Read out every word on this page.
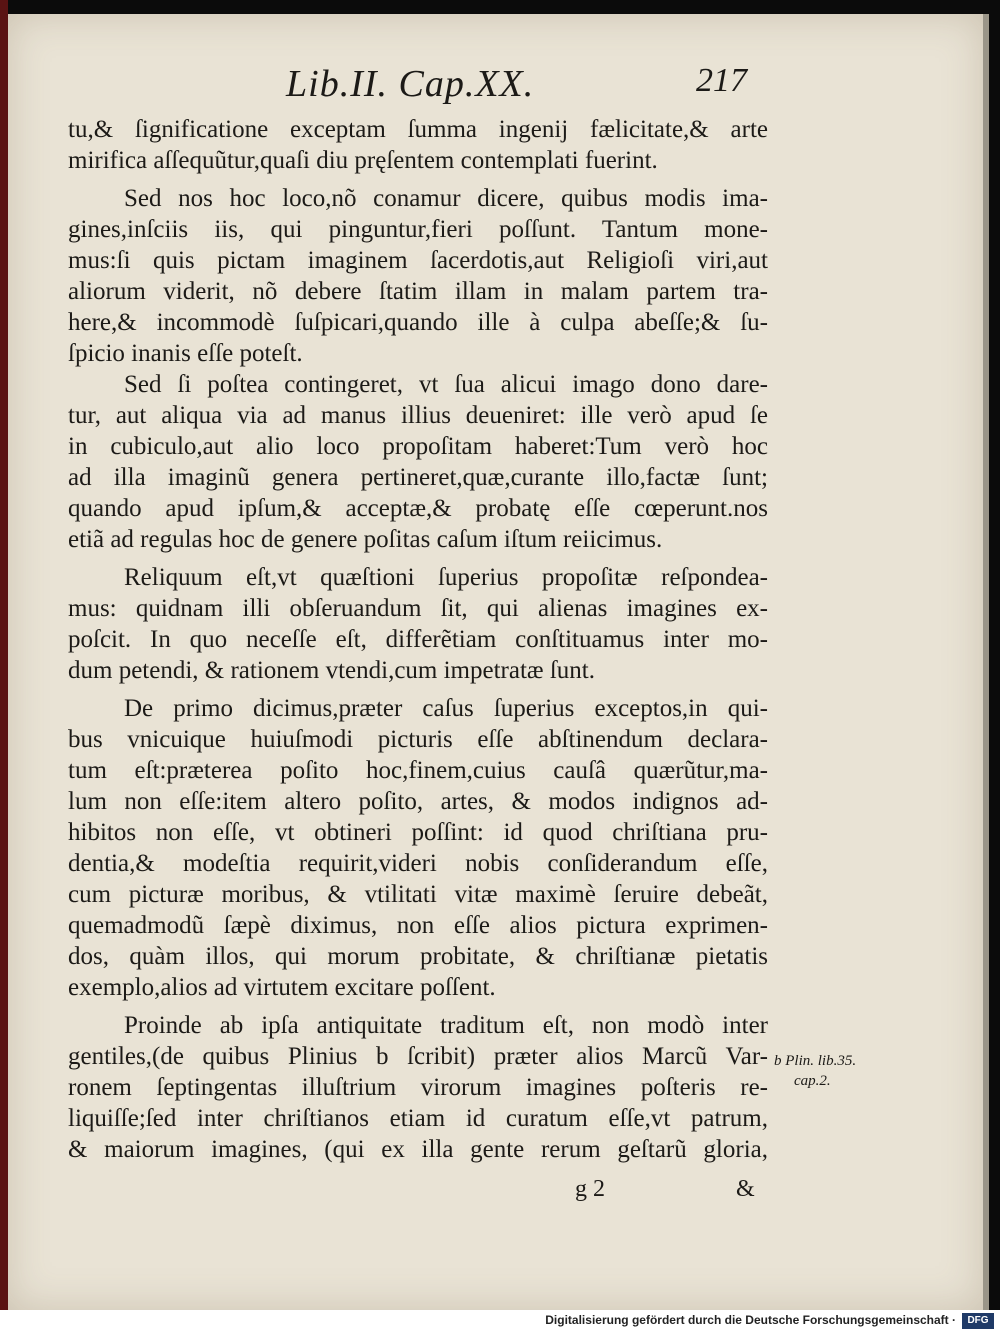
Lib.II. Cap.XX.	217
tu,& ſignificatione exceptam ſumma ingenij fælicitate,& arte
mirifica aſſequũtur,quaſi diu pręſentem contemplati fuerint.
Sed nos hoc loco,nõ conamur dicere, quibus modis ima-
gines,inſciis iis, qui pinguntur,fieri poſſunt. Tantum mone-
mus:ſi quis pictam imaginem ſacerdotis,aut Religioſi viri,aut
aliorum viderit, nõ debere ſtatim illam in malam partem tra-
here,& incommodè ſuſpicari,quando ille à culpa abeſſe;& ſu-
ſpicio inanis eſſe poteſt.
Sed ſi poſtea contingeret, vt ſua alicui imago dono dare-
tur, aut aliqua via ad manus illius deueniret: ille verò apud ſe
in cubiculo,aut alio loco propoſitam haberet:Tum verò hoc
ad illa imaginũ genera pertineret,quæ,curante illo,factæ ſunt;
quando apud ipſum,& acceptæ,& probatę eſſe cœperunt.nos
etiã ad regulas hoc de genere poſitas caſum iſtum reiicimus.
Reliquum eſt,vt quæſtioni ſuperius propoſitæ reſpondea-
mus: quidnam illi obſeruandum ſit, qui alienas imagines ex-
poſcit. In quo neceſſe eſt, differẽtiam conſtituamus inter mo-
dum petendi, & rationem vtendi,cum impetratæ ſunt.
De primo dicimus,præter caſus ſuperius exceptos,in qui-
bus vnicuique huiuſmodi picturis eſſe abſtinendum declara-
tum eſt:prætereа poſito hoc,finem,cuius cauſâ quærũtur,ma-
lum non eſſe:item altero poſito, artes, & modos indignos ad-
hibitos non eſſe, vt obtineri poſſint: id quod chriſtiana pru-
dentia,& modeſtia requirit,videri nobis conſiderandum eſſe,
cum picturæ moribus, & vtilitati vitæ maximè ſeruire debeãt,
quemadmodũ ſæpè diximus, non eſſe alios pictura exprimen-
dos, quàm illos, qui morum probitate, & chriſtianæ pietatis
exemplo,alios ad virtutem excitare poſſent.
Proinde ab ipſa antiquitate traditum eſt, non modò inter
gentiles,(de quibus Plinius b ſcribit) præter alios Marcũ Var-
ronem ſeptingentas illuſtrium virorum imagines poſteris re-
liquiſſe;ſed inter chriſtianos etiam id curatum eſſe,vt patrum,
& maiorum imagines, (qui ex illa gente rerum geſtarũ gloria,
b Plin. lib.35.
cap.2.
g 2	&
Digitalisierung gefördert durch die Deutsche Forschungsgemeinschaft ·	DFG
